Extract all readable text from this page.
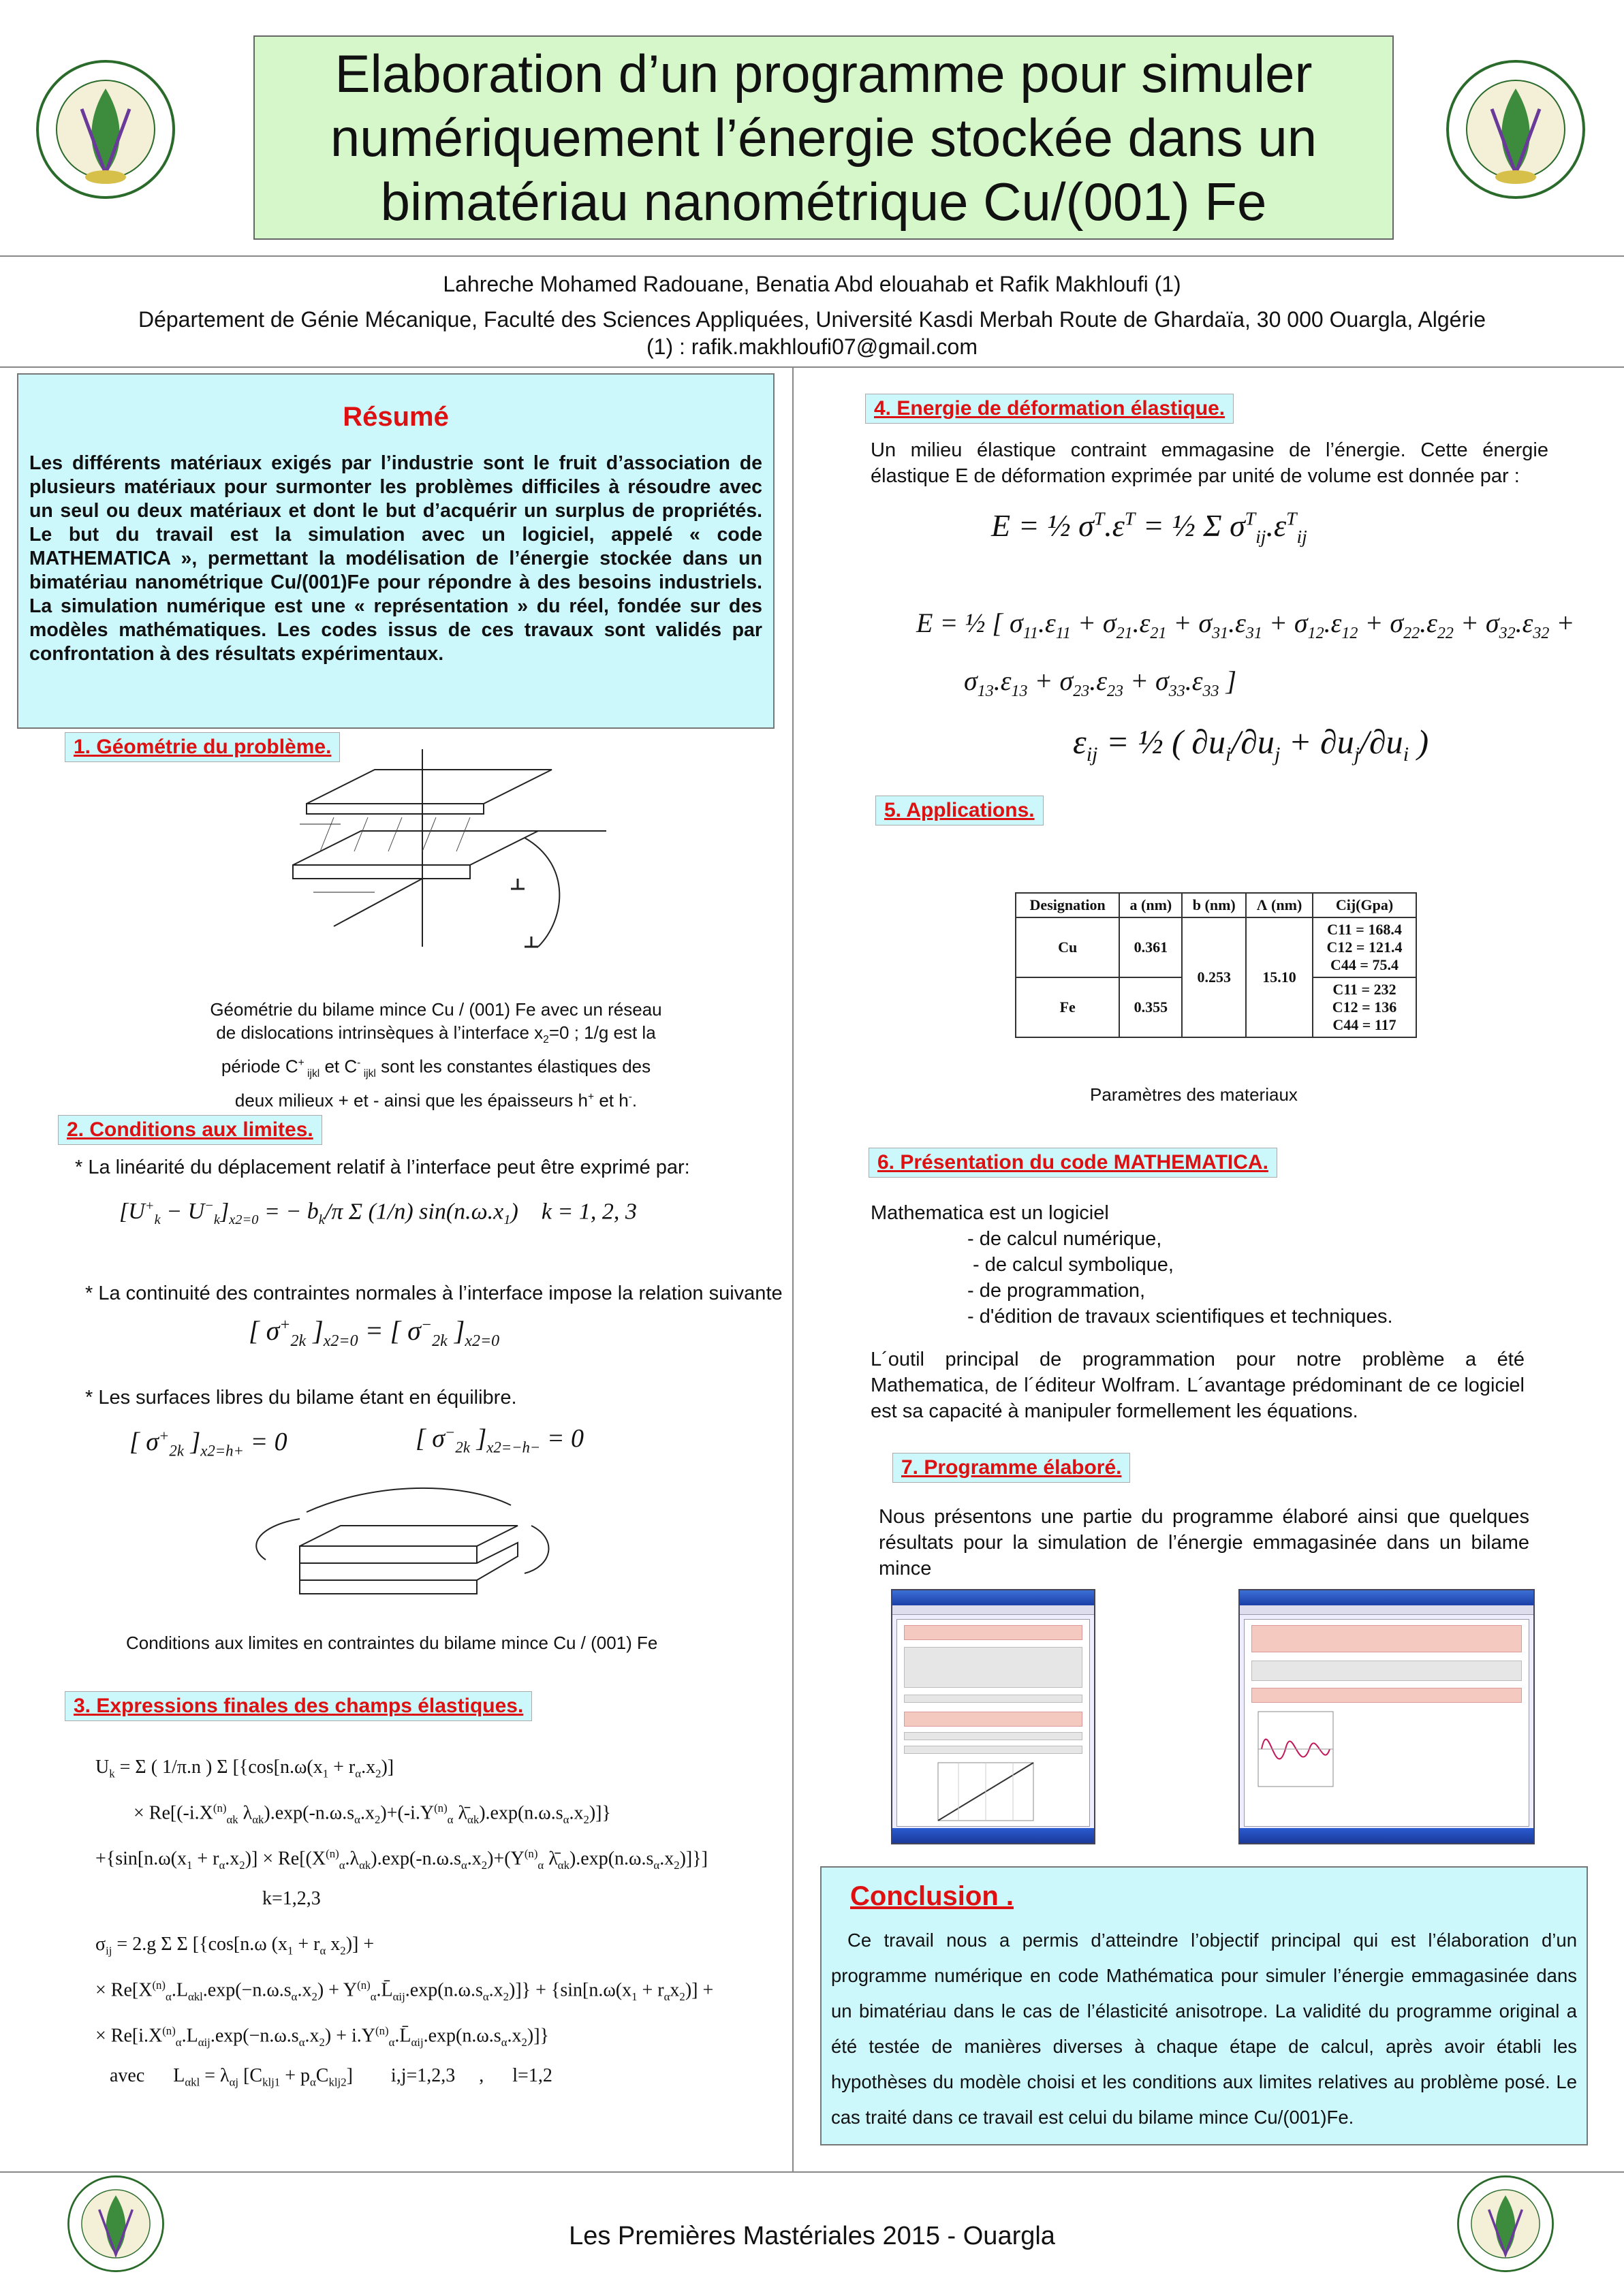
Elaboration d’un programme pour simuler numériquement l’énergie stockée dans un bimatériau nanométrique Cu/(001) Fe
Lahreche Mohamed Radouane, Benatia Abd elouahab et Rafik Makhloufi (1)
Département de Génie Mécanique, Faculté des Sciences Appliquées, Université Kasdi Merbah Route de Ghardaïa, 30 000 Ouargla, Algérie
(1) : rafik.makhloufi07@gmail.com
Résumé

Les différents matériaux exigés par l’industrie sont le fruit d’association de plusieurs matériaux pour surmonter les problèmes difficiles à résoudre avec un seul ou deux matériaux et dont le but d’acquérir un surplus de propriétés. Le but du travail est la simulation avec un logiciel, appelé « code MATHEMATICA », permettant la modélisation de l’énergie stockée dans un bimatériau nanométrique Cu/(001)Fe pour répondre à des besoins industriels. La simulation numérique est une « représentation » du réel, fondée sur des modèles mathématiques. Les codes issus de ces travaux sont validés par confrontation à des résultats expérimentaux.

1. Géométrie du problème.
Géométrie du bilame mince Cu / (001) Fe avec un réseau
de dislocations intrinsèques à l’interface $x_2=0$ ; 1/g est la
période C+ $_{ijkl}$ et C- $_{ijkl}$ sont les constantes élastiques des
deux milieux + et - ainsi que les épaisseurs h+ et h-.
2. Conditions aux limites.
* La linéarité du déplacement relatif à l’interface peut être exprimé par:
$[U^+_k - U^-_k]_{x2=0}$ = − $b_k/\pi$ Σ (1/n) $\sin(n.\omega.x_1)$    k = 1, 2, 3
* La continuité des contraintes normales à l’interface impose la relation suivante
[ $\sigma^+_{2k}$ ]$_{x2=0}$ = [ $\sigma^-_{2k}$ ]$_{x2=0}$
* Les surfaces libres du bilame étant en équilibre.
[ $\sigma^+_{2k}$ ]$_{x2=h+} = 0$	[ $\sigma^-_{2k}$ ]$_{x2=-h-} = 0$
Conditions aux limites en contraintes du bilame mince Cu / (001) Fe
3. Expressions finales des champs élastiques.
$U_k = \Sigma$ ( 1/π.n ) Σ [{$\cos[n.\omega(x_1 + r_\alpha.x_2)]$
× $Re[(-i.X^{(n)}_{\alpha k}$ $\lambda_{\alpha k}).\exp(-n.\omega.s_\alpha.x_2)+(-i.Y^{(n)}_\alpha$ $\lambdā_{\alpha k}).\exp(n.\omega.s_\alpha.x_2)$]}
$+\{\sin[n.\omega(x_1 + r_\alpha.x_2)] \times Re[(X^{(n)}_\alpha.\lambda_{\alpha k}).\exp(-n.\omega.s_\alpha.x_2)+(Y^{(n)}_\alpha$ $\lambdā_{\alpha k}).\exp(n.\omega.s_\alpha.x_2)$]}]
k=1,2,3
$\sigma_{ij} = 2.g$ Σ Σ [{cos[n.ω ($x_1 + r_\alpha$ $x_2$)] +
× $Re[X^{(n)}_\alpha.L_{\alpha kl}.\exp(-n.\omega.s_\alpha.x_2)$ + $Y^{(n)}_\alpha.L̄_{\alpha ij}.\exp(n.\omega.s_\alpha.x_2)]\} + \{\sin[n.\omega(x_1 + r_\alpha x_2)]$ +
× $Re[i.X^{(n)}_\alpha.L_{\alpha ij}.\exp(-n.\omega.s_\alpha.x_2)$ + $i.Y^{(n)}_\alpha.L̄_{\alpha ij}.\exp(n.\omega.s_\alpha.x_2)$]}
avec      $L_{\alpha kl} = \lambda_{\alpha j}$ $[C_{klj1} + p_\alpha C_{klj2}]$        i,j=1,2,3     ,      l=1,2
4. Energie de déformation élastique.
Un milieu élastique contraint emmagasine de l’énergie. Cette énergie élastique E de déformation exprimée par unité de volume est donnée par :
E = ½ $\sigma^T.\varepsilon^T$ = ½ Σ $\sigma^T_{ij}.\varepsilon^T_{ij}$
E = ½ [ $\sigma_{11}.\varepsilon_{11} + \sigma_{21}.\varepsilon_{21} + \sigma_{31}.\varepsilon_{31} + \sigma_{12}.\varepsilon_{12} + \sigma_{22}.\varepsilon_{22} + \sigma_{32}.\varepsilon_{32}$ +
$\sigma_{13}.\varepsilon_{13} + \sigma_{23}.\varepsilon_{23} + \sigma_{33}.\varepsilon_{33}$ ]
$\varepsilon_{ij}$ = ½ ( $\partial u_i/\partial u_j + \partial u_j/\partial u_i$ )
5. Applications.
Designation	a (nm)	b (nm)	Λ (nm)	Cij(Gpa)
Cu	0.361	0.253	15.10	C11 = 168.4
C12 = 121.4
C44 = 75.4

Fe	0.355			C11 = 232
C12 = 136
C44 = 117
Paramètres des materiaux
6. Présentation du code MATHEMATICA.
Mathematica est un logiciel
- de calcul numérique,
- de calcul symbolique,
- de programmation,
- d'édition de travaux scientifiques et techniques.
L´outil principal de programmation pour notre problème a été Mathematica, de l´éditeur Wolfram. L´avantage prédominant de ce logiciel est sa capacité à manipuler formellement les équations.
7. Programme élaboré.
Nous présentons une partie du programme élaboré ainsi que quelques résultats pour la simulation de l’énergie emmagasinée dans un bilame mince
Conclusion .

Ce travail nous a permis d’atteindre l’objectif principal qui est l’élaboration d’un programme numérique en code Mathématica pour simuler l’énergie emmagasinée dans un bimatériau dans le cas de l’élasticité anisotrope. La validité du programme original a été testée de manières diverses à chaque étape de calcul, après avoir établi les hypothèses du modèle choisi et les conditions aux limites relatives au problème posé. Le cas traité dans ce travail est celui du bilame mince Cu/(001)Fe.

Les Premières Mastériales 2015 - Ouargla
